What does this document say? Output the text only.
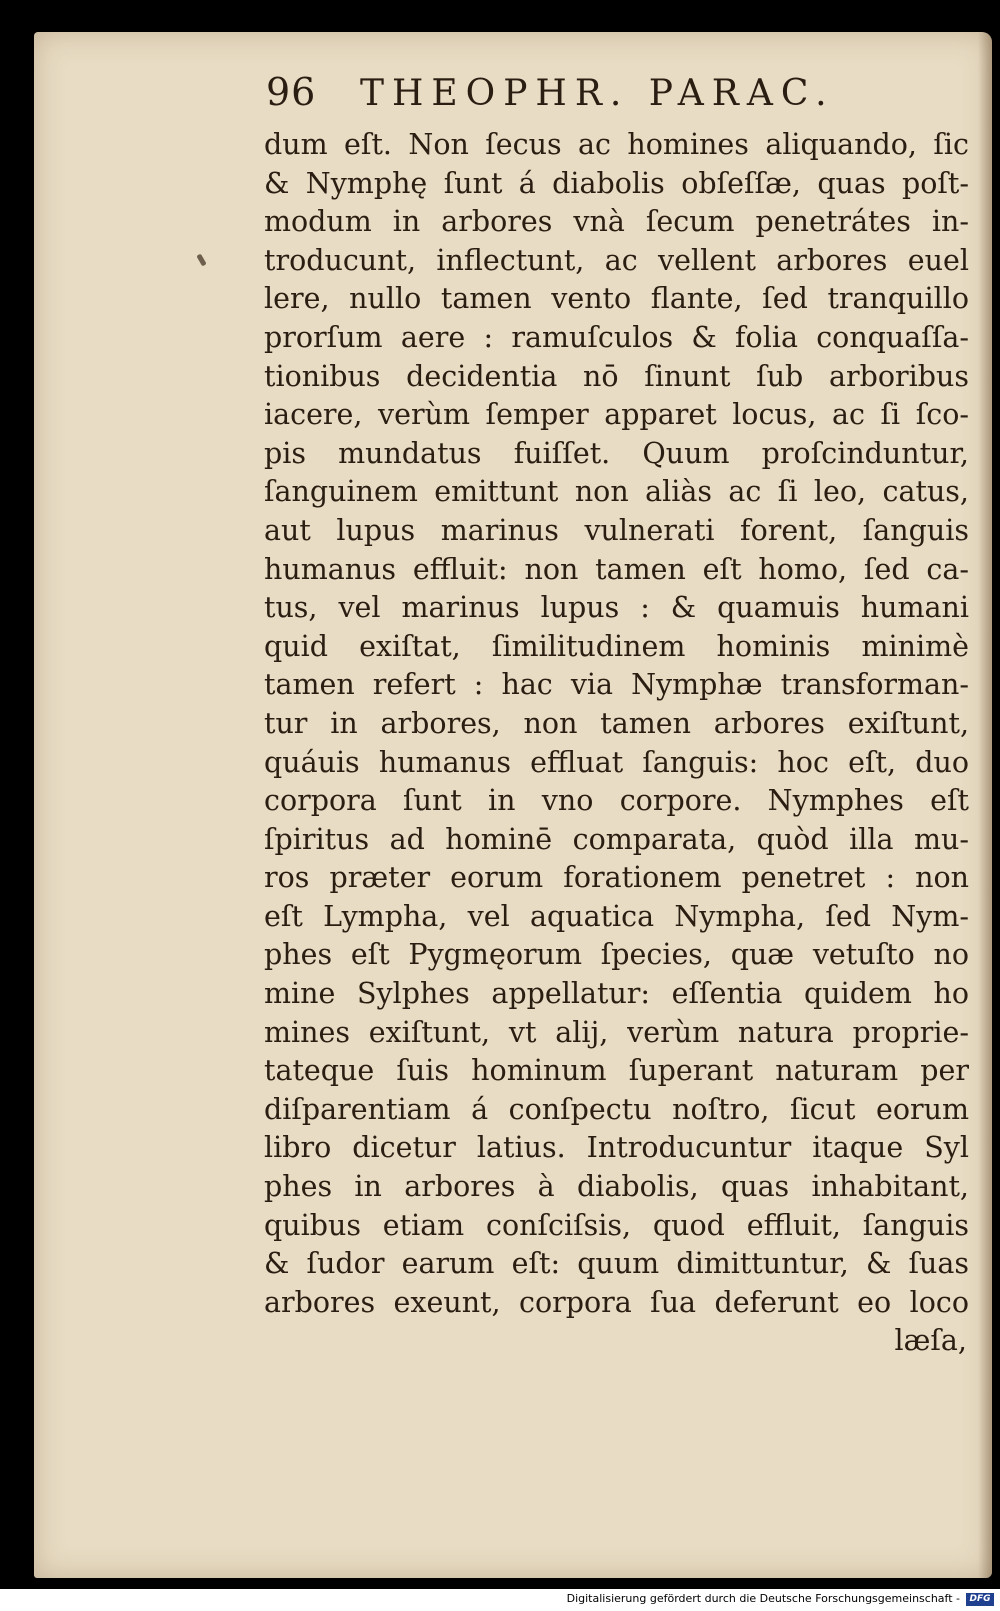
96	THEOPHR. PARAC.
dum eſt. Non ſecus ac homines aliquando, ſic
& Nymphę ſunt á diabolis obſeſſæ, quas poſt-
modum in arbores vnà ſecum penetrátes in-
troducunt, inflectunt, ac vellent arbores euel
lere, nullo tamen vento flante, ſed tranquillo
prorſum aere : ramuſculos & folia conquaſſa-
tionibus decidentia nō ſinunt ſub arboribus
iacere, verùm ſemper apparet locus, ac ſi ſco-
pis mundatus fuiſſet. Quum proſcinduntur,
ſanguinem emittunt non aliàs ac ſi leo, catus,
aut lupus marinus vulnerati forent, ſanguis
humanus effluit: non tamen eſt homo, ſed ca-
tus, vel marinus lupus : & quamuis humani
quid exiſtat, ſimilitudinem hominis minimè
tamen refert : hac via Nymphæ transforman-
tur in arbores, non tamen arbores exiſtunt,
quáuis humanus effluat ſanguis: hoc eſt, duo
corpora ſunt in vno corpore. Nymphes eſt
ſpiritus ad hominē comparata, quòd illa mu-
ros præter eorum forationem penetret : non
eſt Lympha, vel aquatica Nympha, ſed Nym-
phes eſt Pygmęorum ſpecies, quæ vetuſto no
mine Sylphes appellatur: eſſentia quidem ho
mines exiſtunt, vt alij, verùm natura proprie-
tateque ſuis hominum ſuperant naturam per
diſparentiam á conſpectu noſtro, ſicut eorum
libro dicetur latius. Introducuntur itaque Syl
phes in arbores à diabolis, quas inhabitant,
quibus etiam conſciſsis, quod effluit, ſanguis
& ſudor earum eſt: quum dimittuntur, & ſuas
arbores exeunt, corpora ſua deferunt eo loco
læſa,
Digitalisierung gefördert durch die Deutsche Forschungsgemeinschaft -	DFG
